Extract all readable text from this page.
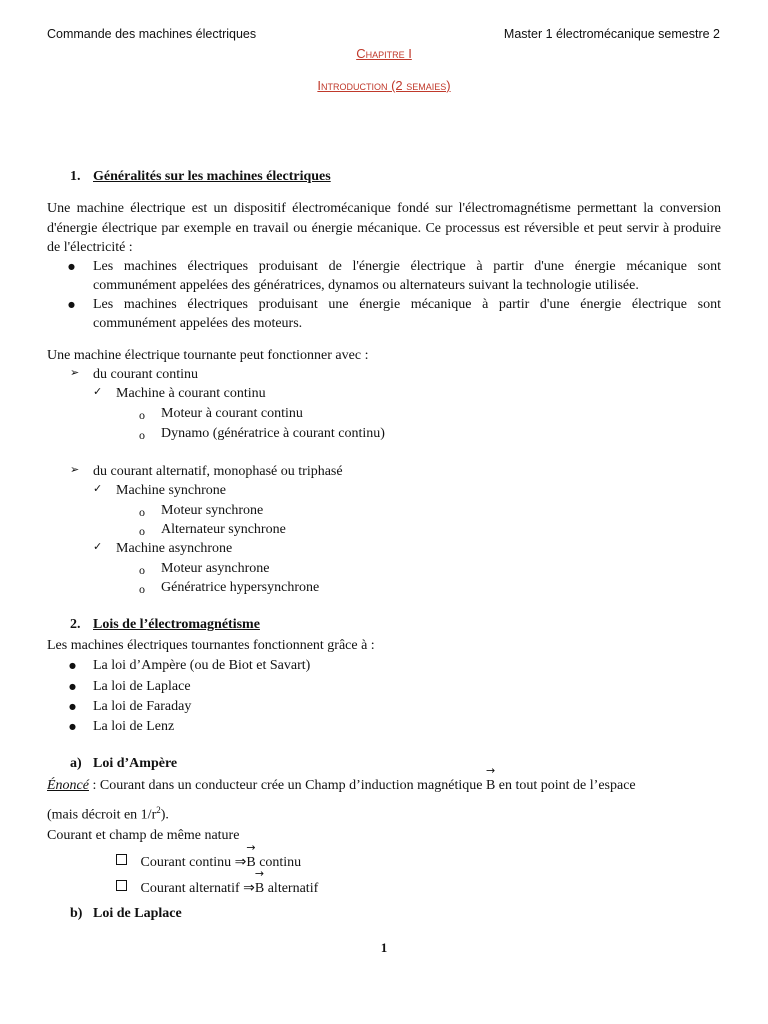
Commande des machines électriques	Master 1 électromécanique semestre 2
Chapitre I
Introduction (2 semaies)
1. Généralités sur les machines électriques
Une machine électrique est un dispositif électromécanique fondé sur l'électromagnétisme permettant la conversion d'énergie électrique par exemple en travail ou énergie mécanique. Ce processus est réversible et peut servir à produire de l'électricité :
● Les machines électriques produisant de l'énergie électrique à partir d'une énergie mécanique sont communément appelées des génératrices, dynamos ou alternateurs suivant la technologie utilisée.
● Les machines électriques produisant une énergie mécanique à partir d'une énergie électrique sont communément appelées des moteurs.
Une machine électrique tournante peut fonctionner avec :
➢ du courant continu
✓ Machine à courant continu
o Moteur à courant continu
o Dynamo (génératrice à courant continu)
➢ du courant alternatif, monophasé ou triphasé
✓ Machine synchrone
o Moteur synchrone
o Alternateur synchrone
✓ Machine asynchrone
o Moteur asynchrone
o Génératrice hypersynchrone
2. Lois de l’électromagnétisme
Les machines électriques tournantes fonctionnent grâce à :
● La loi d’Ampère (ou de Biot et Savart)
● La loi de Laplace
● La loi de Faraday
● La loi de Lenz
a) Loi d’Ampère
Énoncé : Courant dans un conducteur crée un Champ d’induction magnétique
→
B en tout point de l’espace
(mais décroit en $1/r^2$).
Courant et champ de même nature
Courant continu ⇒
→
B continu
Courant alternatif ⇒
→
B alternatif
b) Loi de Laplace
1
